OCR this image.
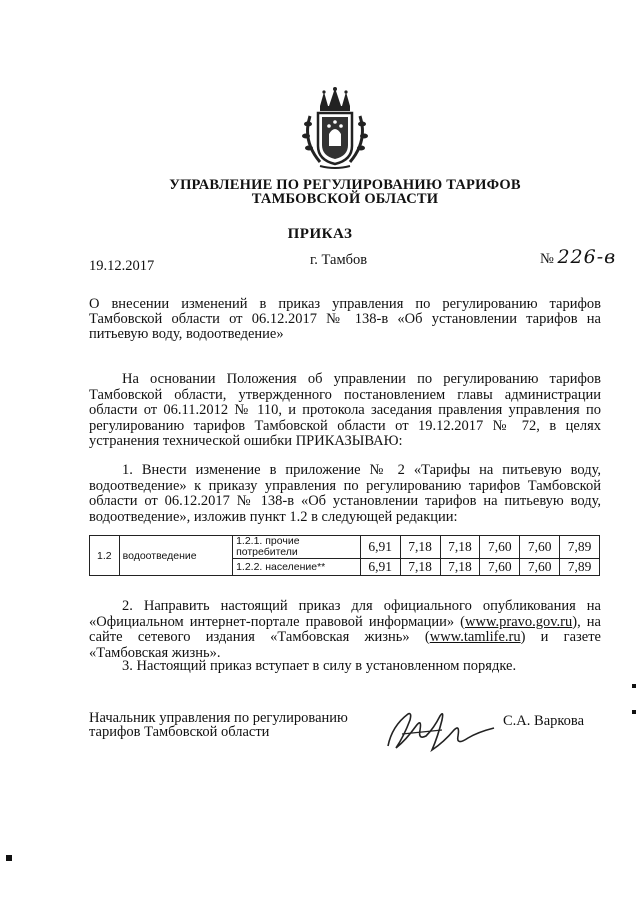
УПРАВЛЕНИЕ ПО РЕГУЛИРОВАНИЮ ТАРИФОВ
ТАМБОВСКОЙ ОБЛАСТИ
ПРИКАЗ
19.12.2017	г. Тамбов	№ 226-в
О внесении изменений в приказ управления по регулированию тарифов Тамбовской области от 06.12.2017 № 138-в «Об установлении тарифов на питьевую воду, водоотведение»
На основании Положения об управлении по регулированию тарифов Тамбовской области, утвержденного постановлением главы администрации области от 06.11.2012 № 110, и протокола заседания правления управления по регулированию тарифов Тамбовской области от 19.12.2017 № 72, в целях устранения технической ошибки ПРИКАЗЫВАЮ:
1. Внести изменение в приложение № 2 «Тарифы на питьевую воду, водоотведение» к приказу управления по регулированию тарифов Тамбовской области от 06.12.2017 № 138-в «Об установлении тарифов на питьевую воду, водоотведение», изложив пункт 1.2 в следующей редакции:
1.2	водоотведение	1.2.1. прочие потребители	6,91	7,18	7,18	7,60	7,60	7,89
		1.2.2. население**	6,91	7,18	7,18	7,60	7,60	7,89
2. Направить настоящий приказ для официального опубликования на «Официальном интернет-портале правовой информации» (www.pravo.gov.ru), на сайте сетевого издания «Тамбовская жизнь» (www.tamlife.ru) и газете «Тамбовская жизнь».
3. Настоящий приказ вступает в силу в установленном порядке.
Начальник управления по регулированию
тарифов Тамбовской области
С.А. Варкова
